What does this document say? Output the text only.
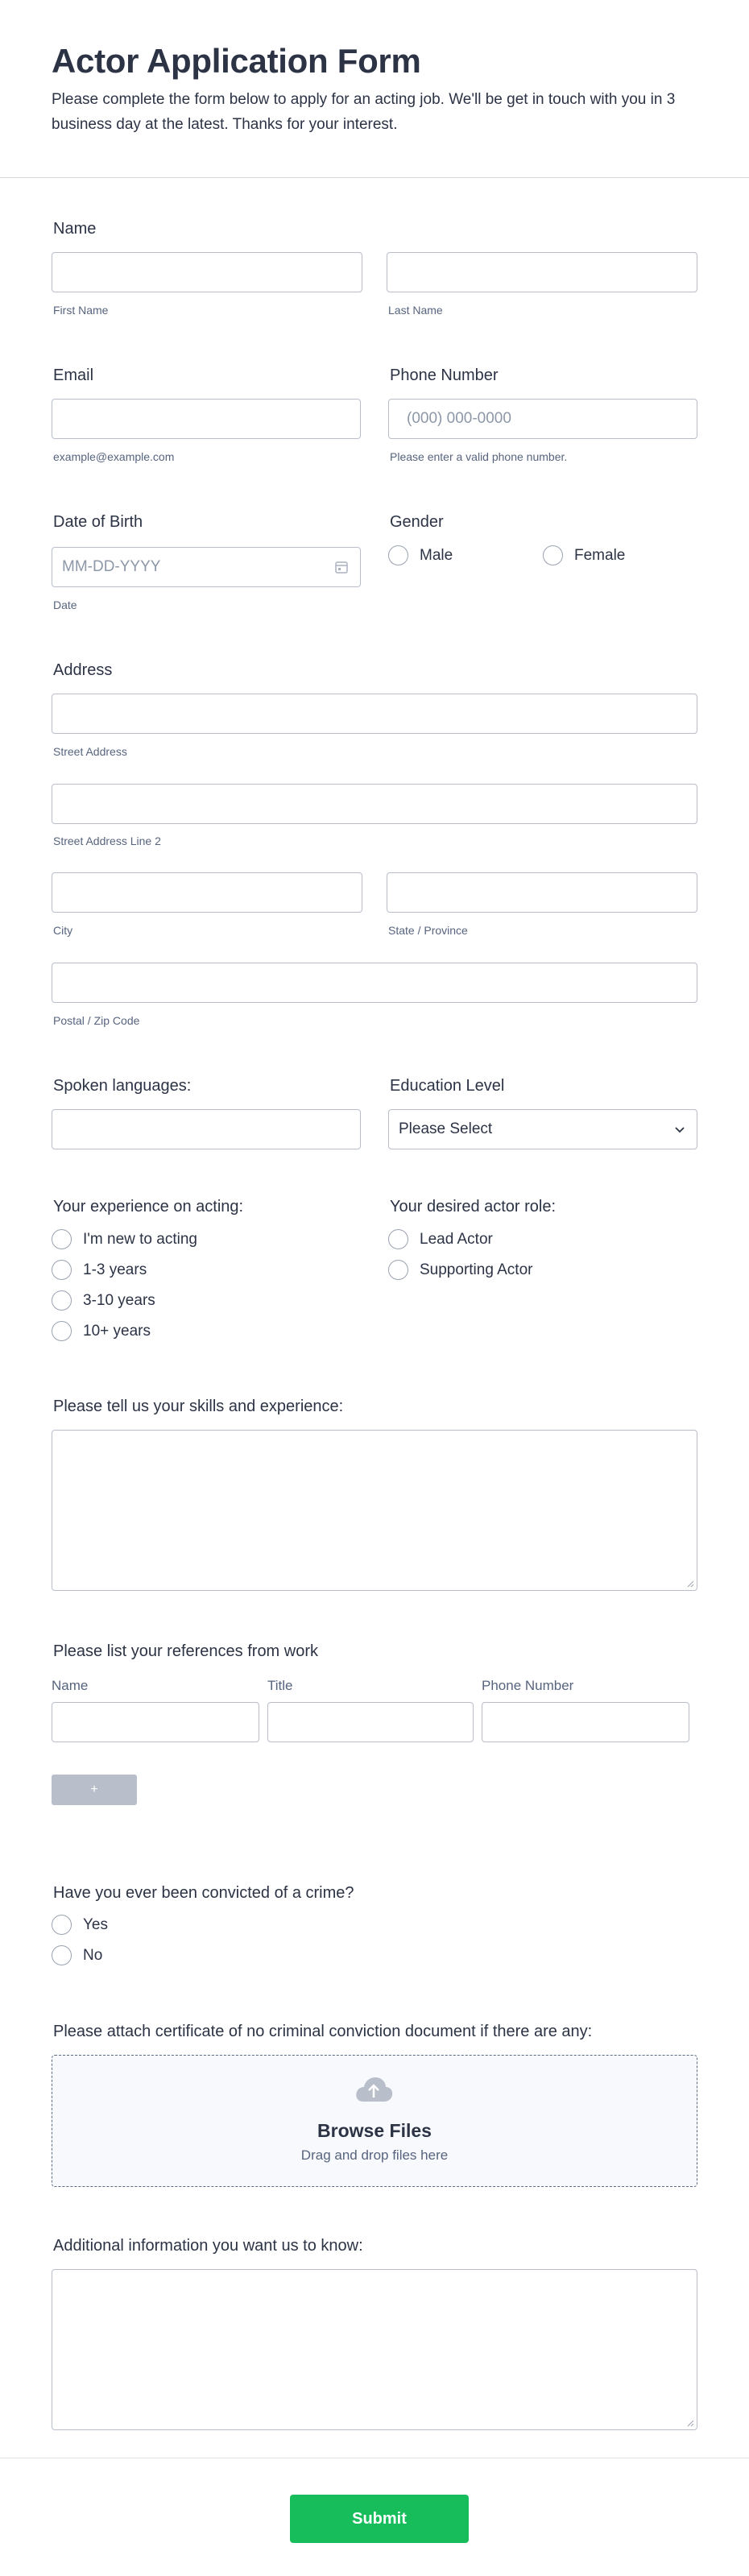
Actor Application Form
Please complete the form below to apply for an acting job. We'll be get in touch with you in 3 business day at the latest. Thanks for your interest.
Name
First Name	Last Name
Email
example@example.com
Phone Number
(000) 000-0000
Please enter a valid phone number.
Date of Birth
MM-DD-YYYY
Date
Gender
Male	Female
Address
Street Address
Street Address Line 2
City	State / Province
Postal / Zip Code
Spoken languages:	Education Level
Please Select
Your experience on acting:
I'm new to acting
1-3 years
3-10 years
10+ years
Your desired actor role:
Lead Actor
Supporting Actor
Please tell us your skills and experience:
Please list your references from work
Name	Title	Phone Number
+
Have you ever been convicted of a crime?
Yes
No
Please attach certificate of no criminal conviction document if there are any:
Browse Files
Drag and drop files here
Additional information you want us to know:
Submit
